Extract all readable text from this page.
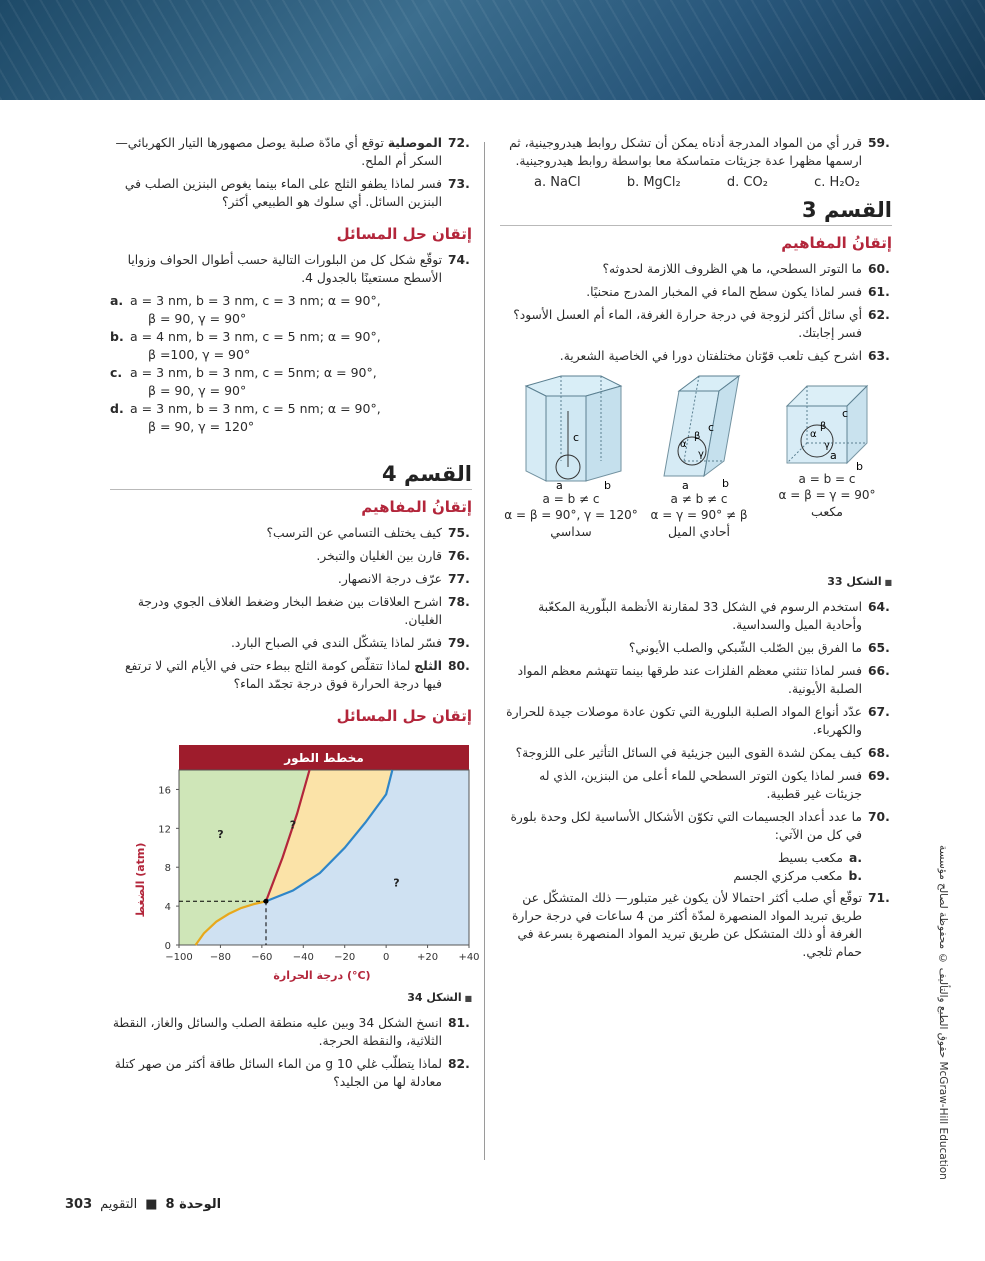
59.
قرر أي من المواد المدرجة أدناه يمكن أن تشكل روابط هيدروجينية، ثم ارسمها مظهرا عدة جزيئات متماسكة معا بواسطة روابط هيدروجينية.
a. NaCl	b. MgCl₂	d. CO₂	c. H₂O₂
القسم 3
إتقانُ المفاهيم
60.
ما التوتر السطحي، ما هي الظروف اللازمة لحدوثه؟
61.
فسر لماذا يكون سطح الماء في المخبار المدرج منحنيًا.
62.
أي سائل أكثر لزوجة في درجة حرارة الغرفة، الماء أم العسل الأسود؟ فسر إجابتك.
63.
اشرح كيف تلعب قوّتان مختلفتان دورا في الخاصية الشعرية.
c
a
b
α
β
γ
a = b = c
α = β = γ = 90°
مكعب
c
a	b
α
β
γ
a ≠ b ≠ c
α = γ = 90° ≠ β
أحادي الميل
c
a	b
a = b ≠ c
α = β = 90°, γ = 120°
سداسي
■ الشكل 33
64.
استخدم الرسوم في الشكل 33 لمقارنة الأنظمة البلّورية المكعّبة وأحادية الميل والسداسية.
65.
ما الفرق بين الصّلب الشّبكي والصلب الأيوني؟
66.
فسر لماذا تنثني معظم الفلزات عند طرقها بينما تتهشم معظم المواد الصلبة الأيونية.
67.
عدّد أنواع المواد الصلبة البلورية التي تكون عادة موصلات جيدة للحرارة والكهرباء.
68.
كيف يمكن لشدة القوى البين جزيئية في السائل التأثير على اللزوجة؟
69.
فسر لماذا يكون التوتر السطحي للماء أعلى من البنزين، الذي له جزيئات غير قطبية.
70.
ما عدد أعداد الجسيمات التي تكوّن الأشكال الأساسية لكل وحدة بلورة في كل من الآتي:
a.
مكعب بسيط
b.
مكعب مركزي الجسم
71.
توقّع أي صلب أكثر احتمالا لأن يكون غير متبلور— ذلك المتشكّل عن طريق تبريد المواد المنصهرة لمدّة أكثر من 4 ساعات في درجة حرارة الغرفة أو ذلك المتشكل عن طريق تبريد المواد المنصهرة بسرعة في حمام ثلجي.
72.
الموصلية توقع أي مادّة صلبة يوصل مصهورها التيار الكهربائي— السكر أم الملح.
73.
فسر لماذا يطفو الثلج على الماء بينما يغوص البنزين الصلب في البنزين السائل. أي سلوك هو الطبيعي أكثر؟
إتقان حل المسائل
74.
توقّع شكل كل من البلورات التالية حسب أطوال الحواف وزوايا الأسطح مستعينًا بالجدول 4.
a. a = 3 nm, b = 3 nm, c = 3 nm; α = 90°,
β = 90, γ = 90°
b. a = 4 nm, b = 3 nm, c = 5 nm; α = 90°,
β =100, γ = 90°
c. a = 3 nm, b = 3 nm, c = 5nm; α = 90°,
β = 90, γ = 90°
d. a = 3 nm, b = 3 nm, c = 5 nm; α = 90°,
β = 90, γ = 120°
القسم 4
إتقانُ المفاهيم
75.
كيف يختلف التسامي عن الترسب؟
76.
قارن بين الغليان والتبخر.
77.
عرّف درجة الانصهار.
78.
اشرح العلاقات بين ضغط البخار وضغط الغلاف الجوي ودرجة الغليان.
79.
فسّر لماذا يتشكّل الندى في الصباح البارد.
80.
الثلج لماذا تتقلّص كومة الثلج ببطء حتى في الأيام التي لا ترتفع فيها درجة الحرارة فوق درجة تجمّد الماء؟
إتقان حل المسائل
الضغط (atm)
درجة الحرارة (°C)
مخطط الطور
−100 −80 −60 −40 −20	0	+20 +40
0
4
8
12
16
?
?
?
■ الشكل 34
81.
انسخ الشكل 34 وبين عليه منطقة الصلب والسائل والغاز، النقطة الثلاثية، والنقطة الحرجة.
82.
لماذا يتطلّب غلي g 10 من الماء السائل طاقة أكثر من صهر كتلة معادلة لها من الجليد؟
حقوق الطبع والتأليف © محفوظة لصالح مؤسسة McGraw-Hill Education
303 التقويم ■ الوحدة 8
